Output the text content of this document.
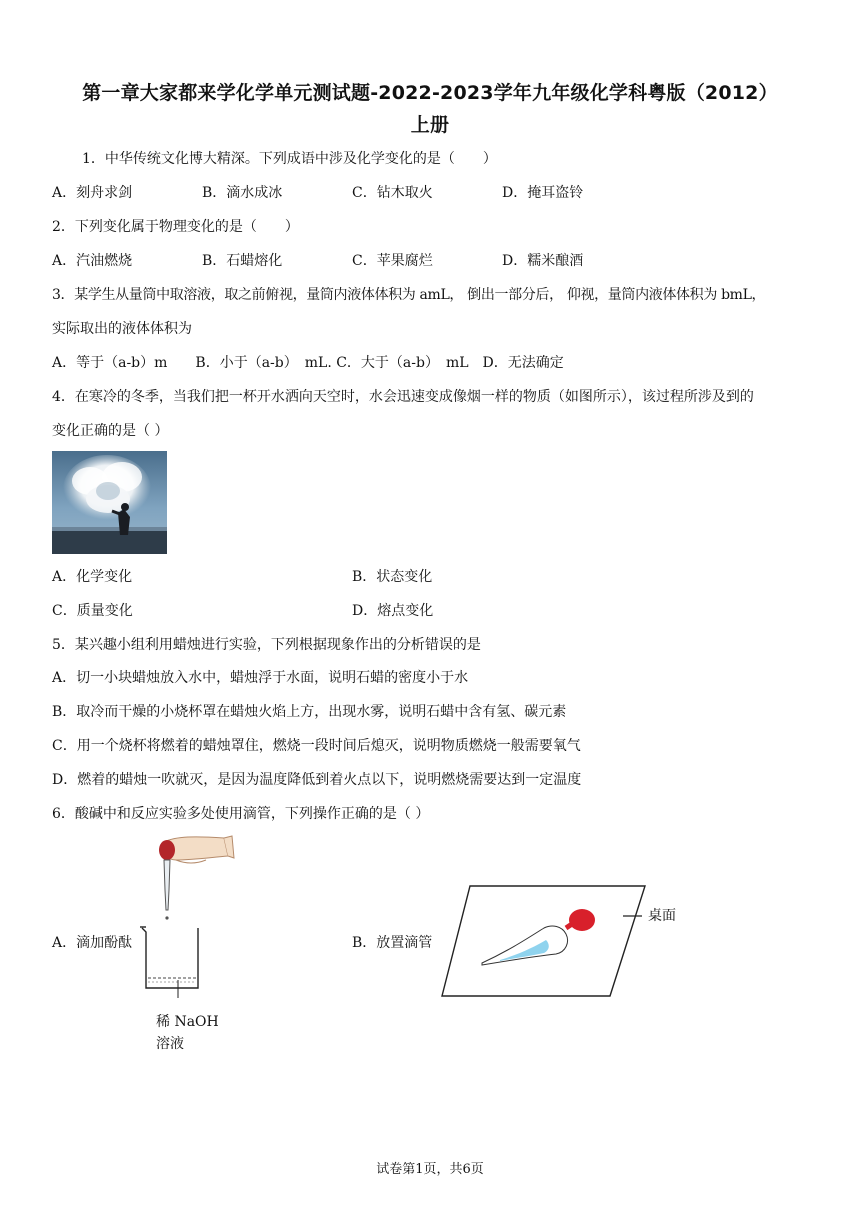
第一章大家都来学化学单元测试题-2022-2023学年九年级化学科粤版（2012）
上册
1．中华传统文化博大精深。下列成语中涉及化学变化的是（　　）
A．刻舟求剑	B．滴水成冰	C．钻木取火	D．掩耳盗铃
2．下列变化属于物理变化的是（　　）
A．汽油燃烧	B．石蜡熔化	C．苹果腐烂	D．糯米酿酒
3．某学生从量筒中取溶液，取之前俯视，量筒内液体体积为 amL， 倒出一部分后， 仰视，量筒内液体体积为 bmL，
实际取出的液体体积为
A．等于（a-b）m　　B．小于（a-b）　mL. C．大于（a-b）　mL　D．无法确定
4．在寒冷的冬季，当我们把一杯开水洒向天空时，水会迅速变成像烟一样的物质（如图所示），该过程所涉及到的
变化正确的是（ ）
A．化学变化	B．状态变化
C．质量变化	D．熔点变化
5．某兴趣小组利用蜡烛进行实验，下列根据现象作出的分析错误的是
A．切一小块蜡烛放入水中，蜡烛浮于水面，说明石蜡的密度小于水
B．取冷而干燥的小烧杯罩在蜡烛火焰上方，出现水雾，说明石蜡中含有氢、碳元素
C．用一个烧杯将燃着的蜡烛罩住，燃烧一段时间后熄灭，说明物质燃烧一般需要氧气
D．燃着的蜡烛一吹就灭，是因为温度降低到着火点以下，说明燃烧需要达到一定温度
6．酸碱中和反应实验多处使用滴管，下列操作正确的是（ ）
A．滴加酚酞	B．放置滴管
稀 NaOH
溶液
桌面
试卷第1页，共6页
